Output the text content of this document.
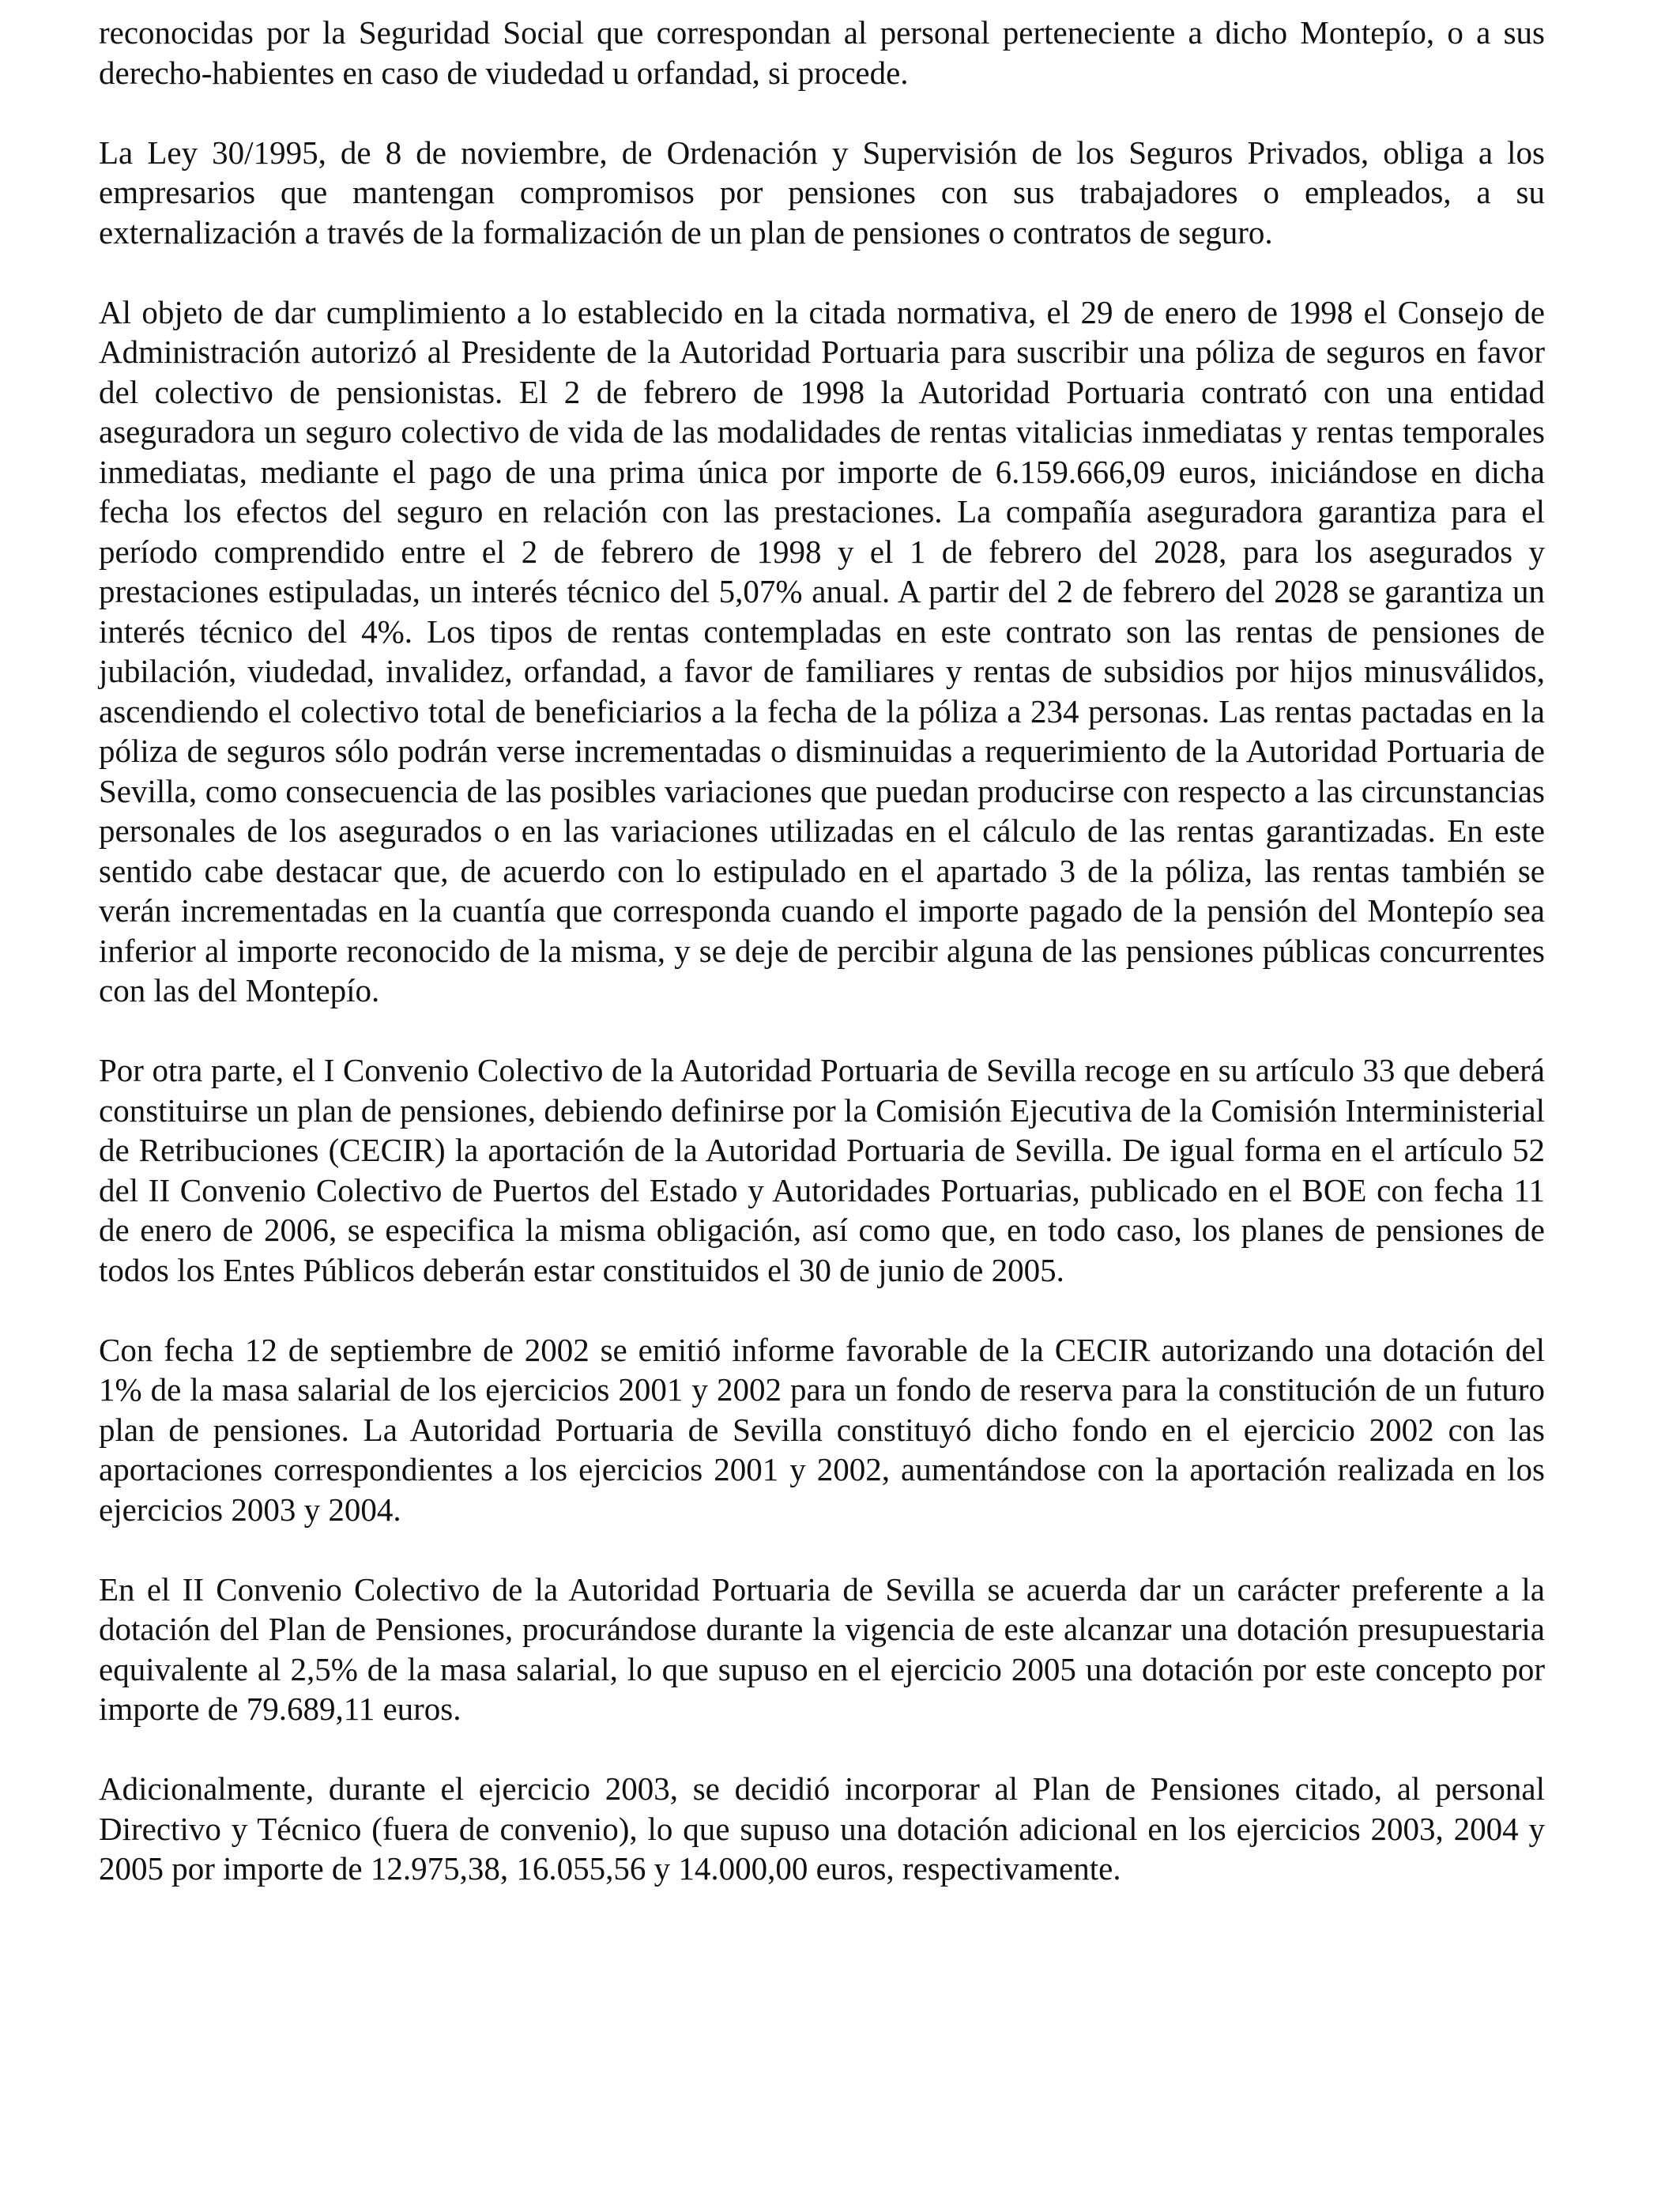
reconocidas por la Seguridad Social que correspondan al personal perteneciente a dicho Montepío, o a sus derecho-habientes en caso de viudedad u orfandad, si procede.

La Ley 30/1995, de 8 de noviembre, de Ordenación y Supervisión de los Seguros Privados, obliga a los empresarios que mantengan compromisos por pensiones con sus trabajadores o empleados, a su externalización a través de la formalización de un plan de pensiones o contratos de seguro.

Al objeto de dar cumplimiento a lo establecido en la citada normativa, el 29 de enero de 1998 el Consejo de Administración autorizó al Presidente de la Autoridad Portuaria para suscribir una póliza de seguros en favor del colectivo de pensionistas. El 2 de febrero de 1998 la Autoridad Portuaria contrató con una entidad aseguradora un seguro colectivo de vida de las modalidades de rentas vitalicias inmediatas y rentas temporales inmediatas, mediante el pago de una prima única por importe de 6.159.666,09 euros, iniciándose en dicha fecha los efectos del seguro en relación con las prestaciones. La compañía aseguradora garantiza para el período comprendido entre el 2 de febrero de 1998 y el 1 de febrero del 2028, para los asegurados y prestaciones estipuladas, un interés técnico del 5,07% anual. A partir del 2 de febrero del 2028 se garantiza un interés técnico del 4%. Los tipos de rentas contempladas en este contrato son las rentas de pensiones de jubilación, viudedad, invalidez, orfandad, a favor de familiares y rentas de subsidios por hijos minusválidos, ascendiendo el colectivo total de beneficiarios a la fecha de la póliza a 234 personas. Las rentas pactadas en la póliza de seguros sólo podrán verse incrementadas o disminuidas a requerimiento de la Autoridad Portuaria de Sevilla, como consecuencia de las posibles variaciones que puedan producirse con respecto a las circunstancias personales de los asegurados o en las variaciones utilizadas en el cálculo de las rentas garantizadas. En este sentido cabe destacar que, de acuerdo con lo estipulado en el apartado 3 de la póliza, las rentas también se verán incrementadas en la cuantía que corresponda cuando el importe pagado de la pensión del Montepío sea inferior al importe reconocido de la misma, y se deje de percibir alguna de las pensiones públicas concurrentes con las del Montepío.

Por otra parte, el I Convenio Colectivo de la Autoridad Portuaria de Sevilla recoge en su artículo 33 que deberá constituirse un plan de pensiones, debiendo definirse por la Comisión Ejecutiva de la Comisión Interministerial de Retribuciones (CECIR) la aportación de la Autoridad Portuaria de Sevilla. De igual forma en el artículo 52 del II Convenio Colectivo de Puertos del Estado y Autoridades Portuarias, publicado en el BOE con fecha 11 de enero de 2006, se especifica la misma obligación, así como que, en todo caso, los planes de pensiones de todos los Entes Públicos deberán estar constituidos el 30 de junio de 2005.

Con fecha 12 de septiembre de 2002 se emitió informe favorable de la CECIR autorizando una dotación del 1% de la masa salarial de los ejercicios 2001 y 2002 para un fondo de reserva para la constitución de un futuro plan de pensiones. La Autoridad Portuaria de Sevilla constituyó dicho fondo en el ejercicio 2002 con las aportaciones correspondientes a los ejercicios 2001 y 2002, aumentándose con la aportación realizada en los ejercicios 2003 y 2004.

En el II Convenio Colectivo de la Autoridad Portuaria de Sevilla se acuerda dar un carácter preferente a la dotación del Plan de Pensiones, procurándose durante la vigencia de este alcanzar una dotación presupuestaria equivalente al 2,5% de la masa salarial, lo que supuso en el ejercicio 2005 una dotación por este concepto por importe de 79.689,11 euros.

Adicionalmente, durante el ejercicio 2003, se decidió incorporar al Plan de Pensiones citado, al personal Directivo y Técnico (fuera de convenio), lo que supuso una dotación adicional en los ejercicios 2003, 2004 y 2005 por importe de 12.975,38, 16.055,56 y 14.000,00 euros, respectivamente.
